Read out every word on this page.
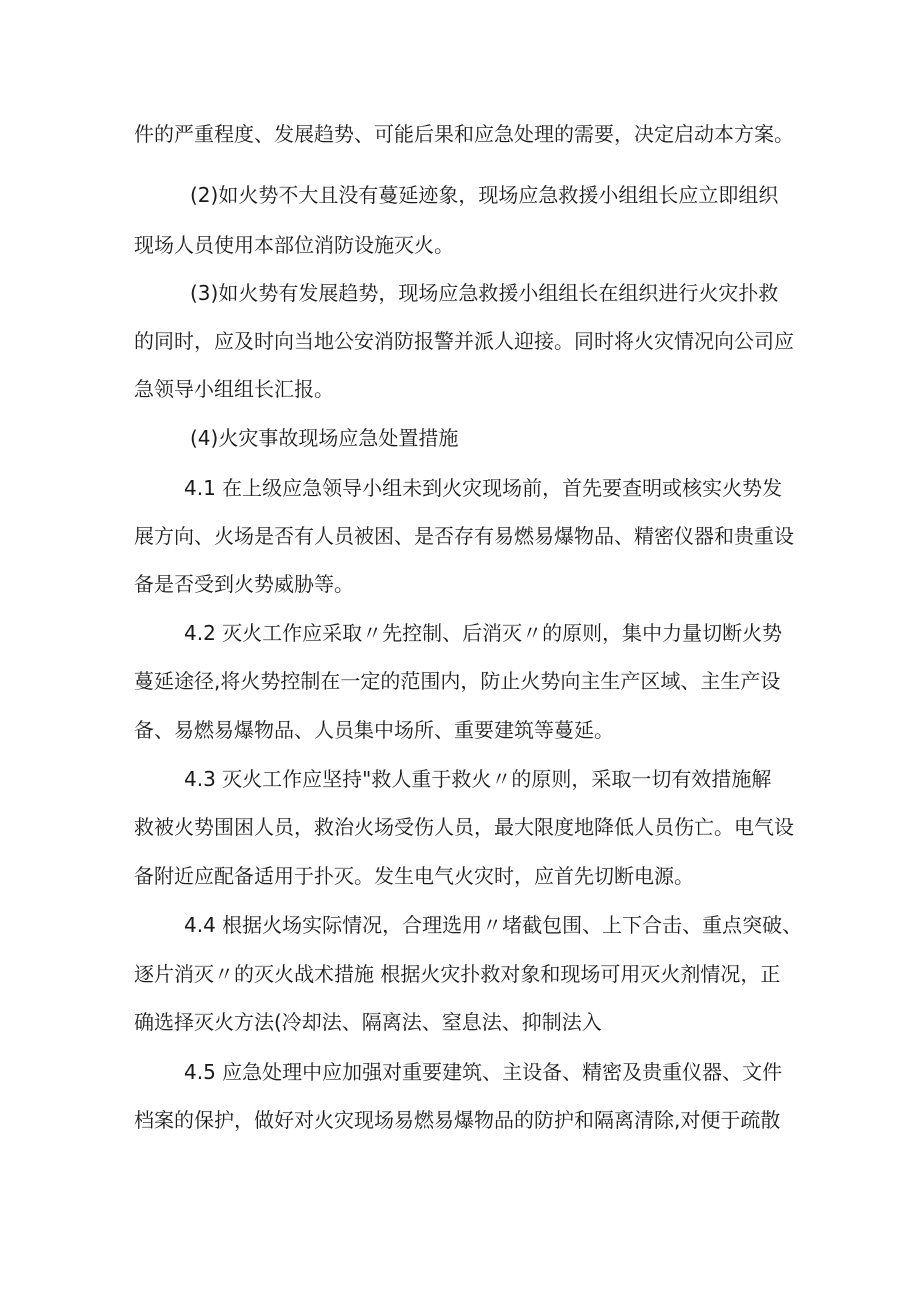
件的严重程度、发展趋势、可能后果和应急处理的需要，决定启动本方案。
(2)如火势不大且没有蔓延迹象，现场应急救援小组组长应立即组织
现场人员使用本部位消防设施灭火。
(3)如火势有发展趋势，现场应急救援小组组长在组织进行火灾扑救
的同时，应及时向当地公安消防报警并派人迎接。同时将火灾情况向公司应
急领导小组组长汇报。
(4)火灾事故现场应急处置措施
4.1 在上级应急领导小组未到火灾现场前，首先要查明或核实火势发
展方向、火场是否有人员被困、是否存有易燃易爆物品、精密仪器和贵重设
备是否受到火势威胁等。
4.2 灭火工作应采取〃先控制、后消灭〃的原则，集中力量切断火势
蔓延途径,将火势控制在一定的范围内，防止火势向主生产区域、主生产设
备、易燃易爆物品、人员集中场所、重要建筑等蔓延。
4.3 灭火工作应坚持"救人重于救火〃的原则，采取一切有效措施解
救被火势围困人员，救治火场受伤人员，最大限度地降低人员伤亡。电气设
备附近应配备适用于扑灭。发生电气火灾时，应首先切断电源。
4.4 根据火场实际情况，合理选用〃堵截包围、上下合击、重点突破、
逐片消灭〃的灭火战术措施 根据火灾扑救对象和现场可用灭火剂情况，正
确选择灭火方法(冷却法、隔离法、窒息法、抑制法入
4.5 应急处理中应加强对重要建筑、主设备、精密及贵重仪器、文件
档案的保护，做好对火灾现场易燃易爆物品的防护和隔离清除,对便于疏散
